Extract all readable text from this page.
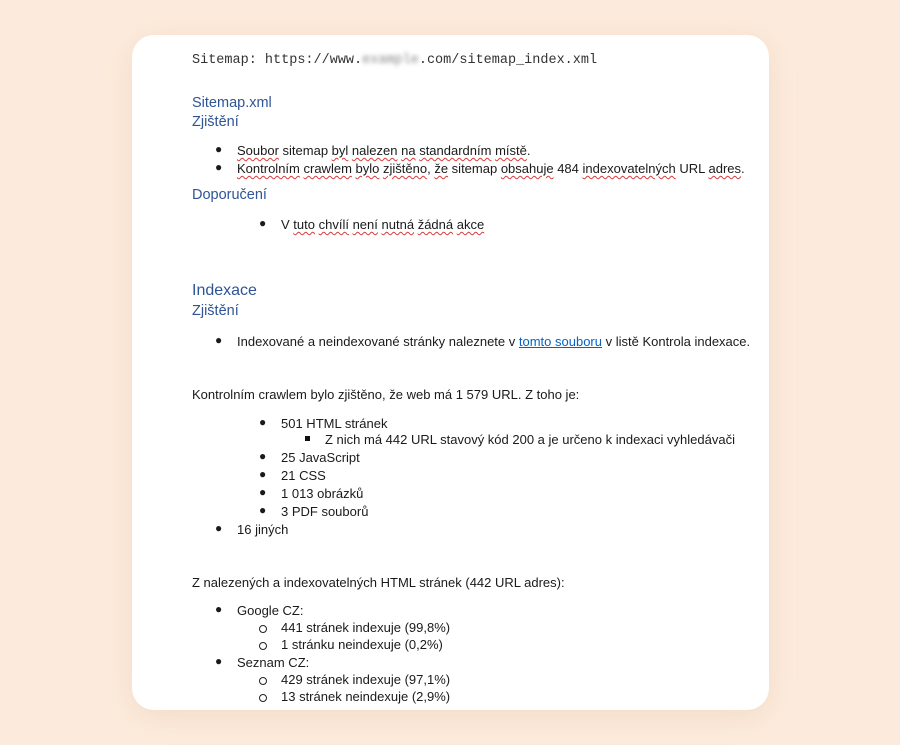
Sitemap: https://www.example.com/sitemap_index.xml
Sitemap.xml
Zjištění
● Soubor sitemap byl nalezen na standardním místě.
● Kontrolním crawlem bylo zjištěno, že sitemap obsahuje 484 indexovatelných URL adres.
Doporučení
● V tuto chvílí není nutná žádná akce
Indexace
Zjištění
● Indexované a neindexované stránky naleznete v tomto souboru v listě Kontrola indexace.
Kontrolním crawlem bylo zjištěno, že web má 1 579 URL. Z toho je:
● 501 HTML stránek
Z nich má 442 URL stavový kód 200 a je určeno k indexaci vyhledávači
● 25 JavaScript
● 21 CSS
● 1 013 obrázků
● 3 PDF souborů
● 16 jiných
Z nalezených a indexovatelných HTML stránek (442 URL adres):
● Google CZ:
441 stránek indexuje (99,8%)
1 stránku neindexuje (0,2%)
● Seznam CZ:
429 stránek indexuje (97,1%)
13 stránek neindexuje (2,9%)
